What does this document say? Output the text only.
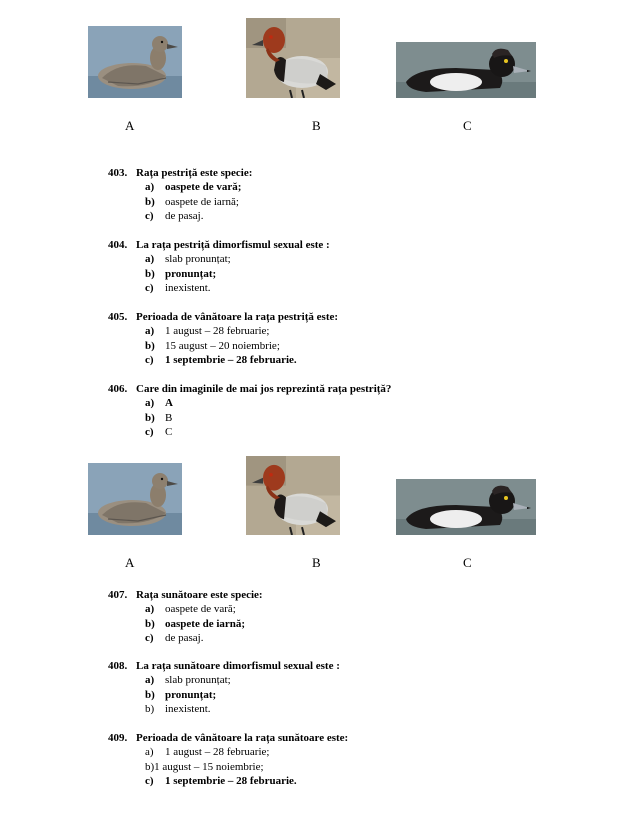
A	B	C
403. Rața pestriță este specie:
a) oaspete de vară;
b) oaspete de iarnă;
c) de pasaj.
404. La rața pestriță dimorfismul sexual este :
a) slab pronunțat;
b) pronunțat;
c) inexistent.
405. Perioada de vânătoare la rața pestriță este:
a) 1 august – 28 februarie;
b) 15 august – 20 noiembrie;
c) 1 septembrie – 28 februarie.
406. Care din imaginile de mai jos reprezintă rața pestriță?
a) A
b) B
c) C
A	B	C
407. Rața sunătoare este specie:
a) oaspete de vară;
b) oaspete de iarnă;
c) de pasaj.
408. La rața sunătoare dimorfismul sexual este :
a) slab pronunțat;
b) pronunțat;
b) inexistent.
409. Perioada de vânătoare la rața sunătoare este:
a) 1 august – 28 februarie;
b)1 august – 15 noiembrie;
c) 1 septembrie – 28 februarie.
